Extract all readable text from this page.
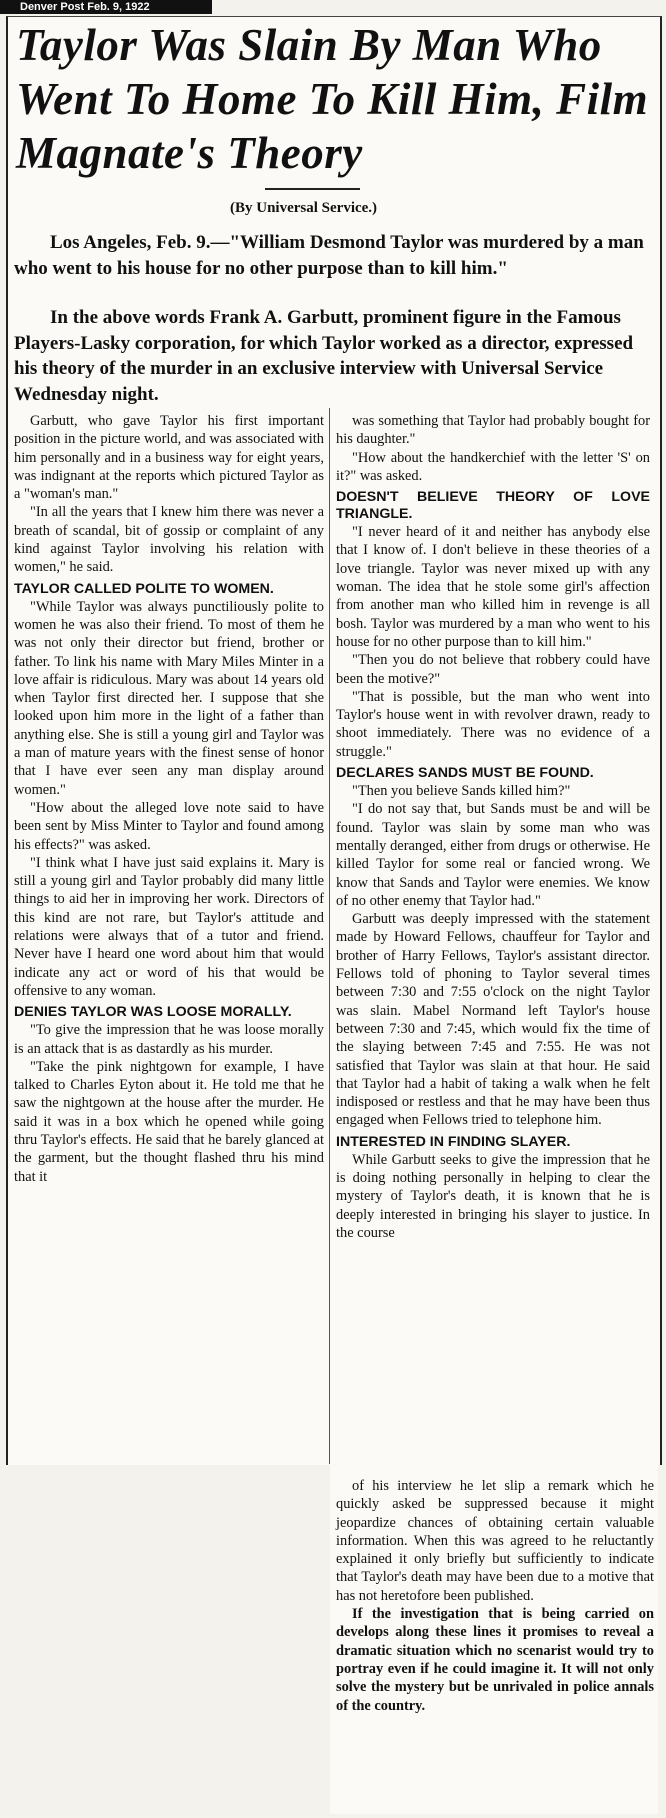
Denver Post Feb. 9, 1922
Taylor Was Slain By Man Who Went To Home To Kill Him, Film Magnate's Theory
(By Universal Service.)

Los Angeles, Feb. 9.—"William Desmond Taylor was murdered by a man who went to his house for no other purpose than to kill him."

In the above words Frank A. Garbutt, prominent figure in the Famous Players-Lasky corporation, for which Taylor worked as a director, expressed his theory of the murder in an exclusive interview with Universal Service Wednesday night.

Garbutt, who gave Taylor his first important position in the picture world, and was associated with him personally and in a business way for eight years, was indignant at the reports which pictured Taylor as a "woman's man."

"In all the years that I knew him there was never a breath of scandal, bit of gossip or complaint of any kind against Taylor involving his relation with women," he said.

TAYLOR CALLED POLITE TO WOMEN.

"While Taylor was always punctiliously polite to women he was also their friend. To most of them he was not only their director but friend, brother or father. To link his name with Mary Miles Minter in a love affair is ridiculous. Mary was about 14 years old when Taylor first directed her. I suppose that she looked upon him more in the light of a father than anything else. She is still a young girl and Taylor was a man of mature years with the finest sense of honor that I have ever seen any man display around women."

"How about the alleged love note said to have been sent by Miss Minter to Taylor and found among his effects?" was asked.

"I think what I have just said explains it. Mary is still a young girl and Taylor probably did many little things to aid her in improving her work. Directors of this kind are not rare, but Taylor's attitude and relations were always that of a tutor and friend. Never have I heard one word about him that would indicate any act or word of his that would be offensive to any woman.

DENIES TAYLOR WAS LOOSE MORALLY.

"To give the impression that he was loose morally is an attack that is as dastardly as his murder.

"Take the pink nightgown for example, I have talked to Charles Eyton about it. He told me that he saw the nightgown at the house after the murder. He said it was in a box which he opened while going thru Taylor's effects. He said that he barely glanced at the garment, but the thought flashed thru his mind that it

was something that Taylor had probably bought for his daughter."

"How about the handkerchief with the letter 'S' on it?" was asked.

DOESN'T BELIEVE THEORY OF LOVE TRIANGLE.

"I never heard of it and neither has anybody else that I know of. I don't believe in these theories of a love triangle. Taylor was never mixed up with any woman. The idea that he stole some girl's affection from another man who killed him in revenge is all bosh. Taylor was murdered by a man who went to his house for no other purpose than to kill him."

"Then you do not believe that robbery could have been the motive?"

"That is possible, but the man who went into Taylor's house went in with revolver drawn, ready to shoot immediately. There was no evidence of a struggle."

DECLARES SANDS MUST BE FOUND.

"Then you believe Sands killed him?"

"I do not say that, but Sands must be and will be found. Taylor was slain by some man who was mentally deranged, either from drugs or otherwise. He killed Taylor for some real or fancied wrong. We know that Sands and Taylor were enemies. We know of no other enemy that Taylor had."

Garbutt was deeply impressed with the statement made by Howard Fellows, chauffeur for Taylor and brother of Harry Fellows, Taylor's assistant director. Fellows told of phoning to Taylor several times between 7:30 and 7:55 o'clock on the night Taylor was slain. Mabel Normand left Taylor's house between 7:30 and 7:45, which would fix the time of the slaying between 7:45 and 7:55. He was not satisfied that Taylor was slain at that hour. He said that Taylor had a habit of taking a walk when he felt indisposed or restless and that he may have been thus engaged when Fellows tried to telephone him.

INTERESTED IN FINDING SLAYER.

While Garbutt seeks to give the impression that he is doing nothing personally in helping to clear the mystery of Taylor's death, it is known that he is deeply interested in bringing his slayer to justice. In the course

of his interview he let slip a remark which he quickly asked be suppressed because it might jeopardize chances of obtaining certain valuable information. When this was agreed to he reluctantly explained it only briefly but sufficiently to indicate that Taylor's death may have been due to a motive that has not heretofore been published.

If the investigation that is being carried on develops along these lines it promises to reveal a dramatic situation which no scenarist would try to portray even if he could imagine it. It will not only solve the mystery but be unrivaled in police annals of the country.
